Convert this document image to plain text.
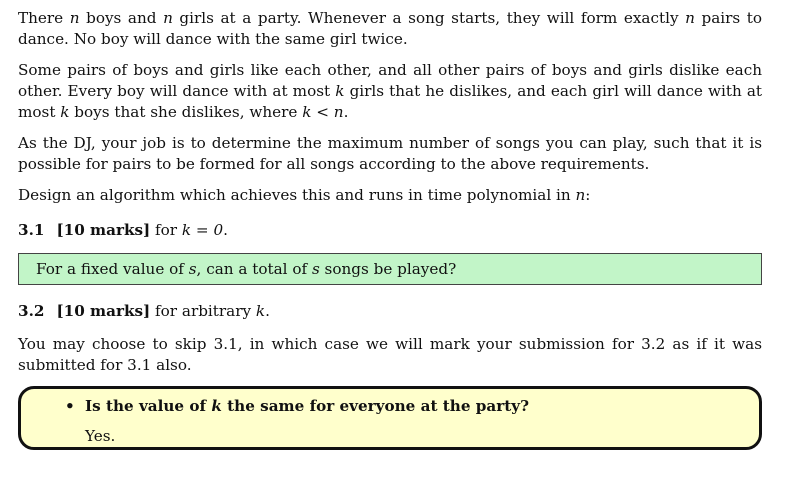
There n boys and n girls at a party. Whenever a song starts, they will form exactly n pairs to dance. No boy will dance with the same girl twice.

Some pairs of boys and girls like each other, and all other pairs of boys and girls dislike each other. Every boy will dance with at most k girls that he dislikes, and each girl will dance with at most k boys that she dislikes, where k < n.

As the DJ, your job is to determine the maximum number of songs you can play, such that it is possible for pairs to be formed for all songs according to the above requirements.

Design an algorithm which achieves this and runs in time polynomial in n:

3.1 [10 marks] for k = 0.

For a fixed value of s, can a total of s songs be played?

3.2 [10 marks] for arbitrary k.

You may choose to skip 3.1, in which case we will mark your submission for 3.2 as if it was submitted for 3.1 also.

• Is the value of k the same for everyone at the party?
Yes.
